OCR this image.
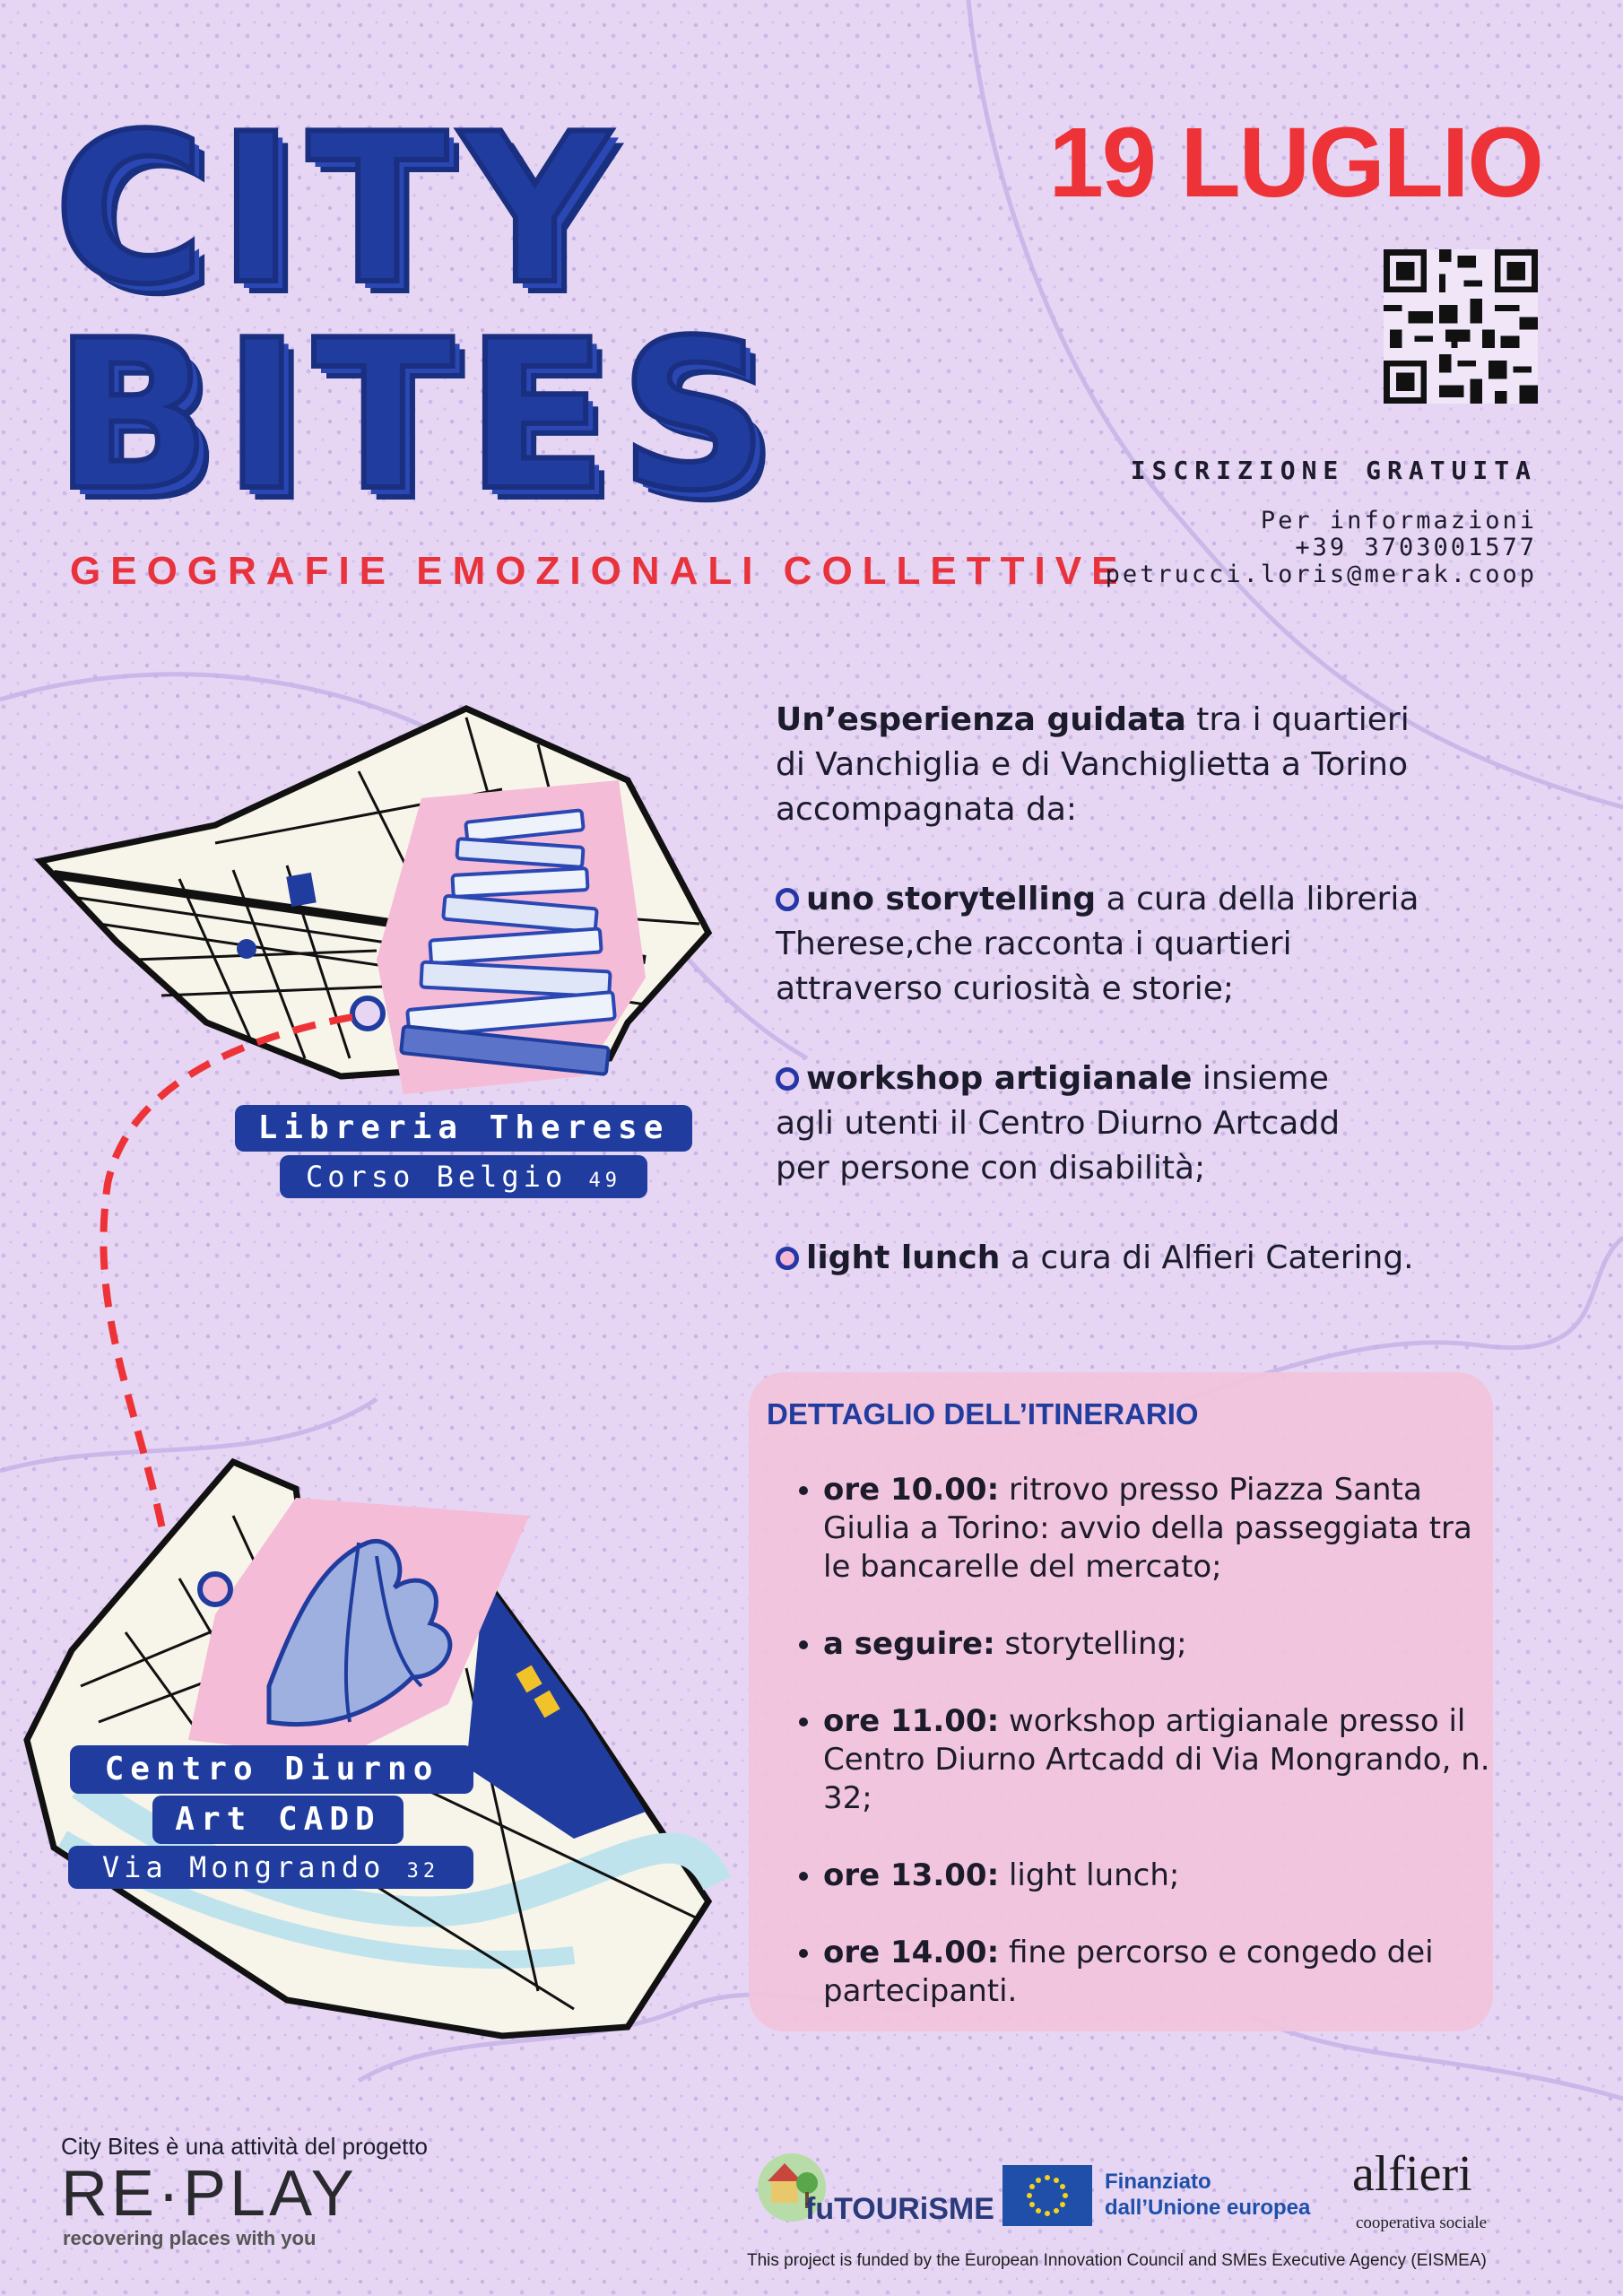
CITY
BITES
GEOGRAFIE EMOZIONALI COLLETTIVE
19 LUGLIO
ISCRIZIONE GRATUITA
Per informazioni
+39 3703001577
petrucci.loris@merak.coop

Un’esperienza guidata tra i quartieri
di Vanchiglia e di Vanchiglietta a Torino
accompagnata da:

uno storytelling a cura della libreria
Therese,che racconta i quartieri
attraverso curiosità e storie;

workshop artigianale insieme
agli utenti il Centro Diurno Artcadd
per persone con disabilità;

light lunch a cura di Alfieri Catering.

DETTAGLIO DELL’ITINERARIO
• ore 10.00: ritrovo presso Piazza Santa Giulia a Torino: avvio della passeggiata tra le bancarelle del mercato;
• a seguire: storytelling;
• ore 11.00: workshop artigianale presso il Centro Diurno Artcadd di Via Mongrando, n. 32;
• ore 13.00: light lunch;
• ore 14.00: fine percorso e congedo dei partecipanti.
Libreria Therese
Corso Belgio 49
Centro Diurno
Art CADD
Via Mongrando 32
City Bites è una attività del progetto
RE·PLAY
recovering places with you
fuTOURiSME
Finanziato
dall’Unione europea
alfieri
cooperativa sociale
This project is funded by the European Innovation Council and SMEs Executive Agency (EISMEA)
